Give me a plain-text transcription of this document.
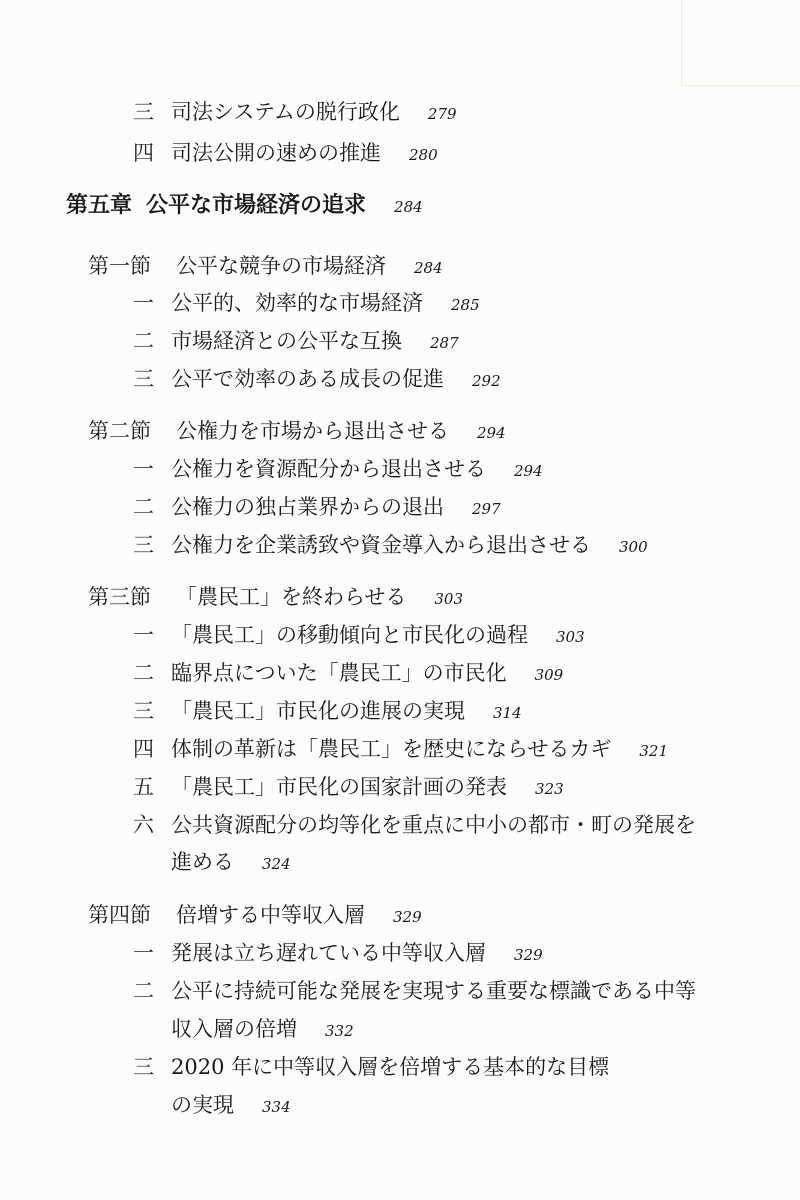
三 司法システムの脱行政化 279
四 司法公開の速めの推進 280
第五章 公平な市場経済の追求 284
第一節 公平な競争の市場経済 284
一 公平的、効率的な市場経済 285
二 市場経済との公平な互換 287
三 公平で効率のある成長の促進 292
第二節 公権力を市場から退出させる 294
一 公権力を資源配分から退出させる 294
二 公権力の独占業界からの退出 297
三 公権力を企業誘致や資金導入から退出させる 300
第三節 「農民工」を終わらせる 303
一 「農民工」の移動傾向と市民化の過程 303
二 臨界点についた「農民工」の市民化 309
三 「農民工」市民化の進展の実現 314
四 体制の革新は「農民工」を歴史にならせるカギ 321
五 「農民工」市民化の国家計画の発表 323
六 公共資源配分の均等化を重点に中小の都市・町の発展を
進める 324
第四節 倍増する中等収入層 329
一 発展は立ち遅れている中等収入層 329
二 公平に持続可能な発展を実現する重要な標識である中等
収入層の倍増 332
三 2020 年に中等収入層を倍増する基本的な目標
の実現 334
